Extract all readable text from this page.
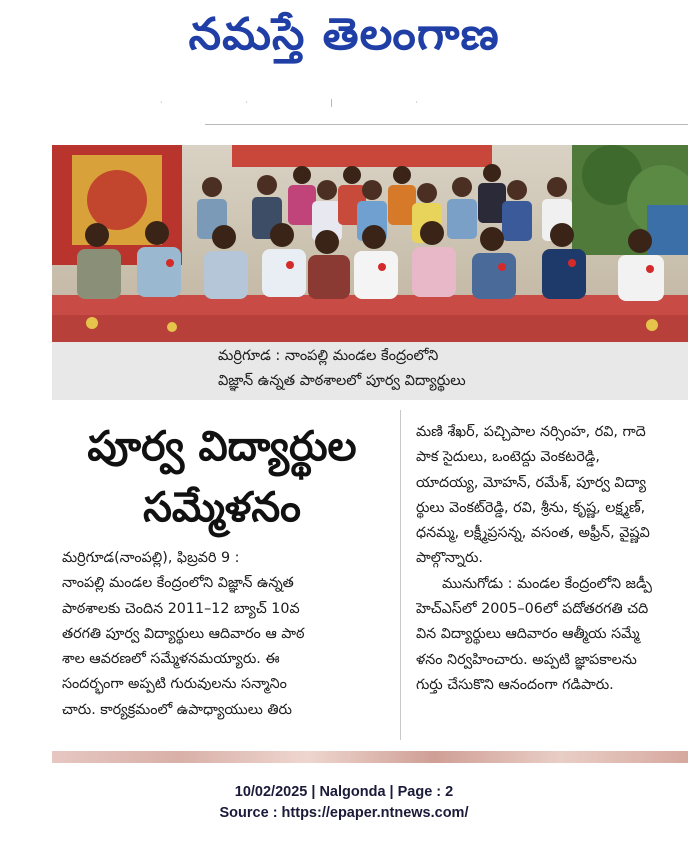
నమస్తే తెలంగాణ
· · | ·
మర్రిగూడ : నాంపల్లి మండల కేంద్రంలోని
విజ్ఞాన్‌ ఉన్నత పాఠశాలలో పూర్వ విద్యార్థులు
పూర్వ విద్యార్థుల
సమ్మేళనం
మర్రిగూడ(నాంపల్లి), ఫిబ్రవరి 9 :
నాంపల్లి మండల కేంద్రంలోని విజ్ఞాన్‌ ఉన్నత
పాఠశాలకు చెందిన 2011–12 బ్యాచ్‌ 10వ
తరగతి పూర్వ విద్యార్థులు ఆదివారం ఆ పాఠ
శాల ఆవరణలో సమ్మేళనమయ్యారు. ఈ
సందర్భంగా అప్పటి గురువులను సన్మానిం
చారు. కార్యక్రమంలో ఉపాధ్యాయులు తిరు
మణి శేఖర్‌, పచ్చిపాల నర్సింహ, రవి, గాదె
పాక సైదులు, ఒంటెద్దు వెంకటరెడ్డి,
యాదయ్య, మోహన్‌, రమేశ్‌, పూర్వ విద్యా
ర్థులు వెంకట్‌రెడ్డి, రవి, శ్రీను, కృష్ణ, లక్ష్మణ్‌,
ధనమ్మ, లక్ష్మీప్రసన్న, వసంత, అఫ్రీన్‌, వైష్ణవి
పాల్గొన్నారు.
మునుగోడు : మండల కేంద్రంలోని జడ్పీ
హెచ్‌ఎస్‌లో 2005–06లో పదోతరగతి చది
విన విద్యార్థులు ఆదివారం ఆత్మీయ సమ్మే
ళనం నిర్వహించారు. అప్పటి జ్ఞాపకాలను
గుర్తు చేసుకొని ఆనందంగా గడిపారు.
10/02/2025 | Nalgonda | Page : 2
Source : https://epaper.ntnews.com/
